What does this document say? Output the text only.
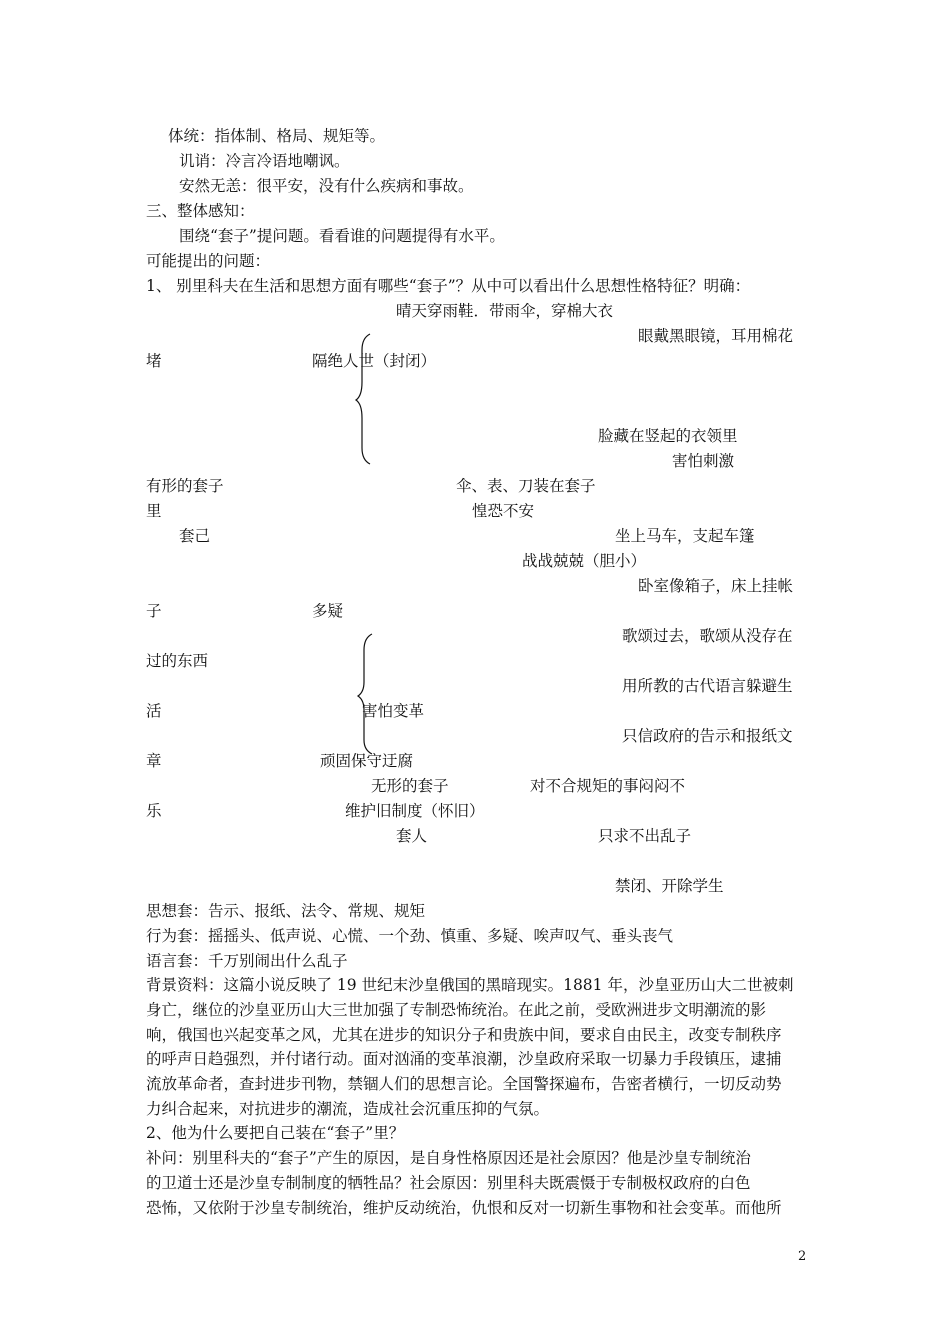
体统：指体制、格局、规矩等。
讥诮：冷言冷语地嘲讽。
安然无恙：很平安，没有什么疾病和事故。
三、整体感知：
围绕“套子”提问题。看看谁的问题提得有水平。
可能提出的问题：
1、 别里科夫在生活和思想方面有哪些“套子”？从中可以看出什么思想性格特征？明确：
晴天穿雨鞋．带雨伞，穿棉大衣
眼戴黑眼镜，耳用棉花
堵	隔绝人世（封闭）
脸藏在竖起的衣领里
害怕刺激
有形的套子	伞、表、刀装在套子
里	惶恐不安
套己	坐上马车，支起车篷
战战兢兢（胆小）
卧室像箱子，床上挂帐
子	多疑
歌颂过去，歌颂从没存在
过的东西
用所教的古代语言躲避生
活	害怕变革
只信政府的告示和报纸文
章	顽固保守迂腐
无形的套子	对不合规矩的事闷闷不
乐	维护旧制度（怀旧）
套人	只求不出乱子
禁闭、开除学生
思想套：告示、报纸、法令、常规、规矩
行为套：摇摇头、低声说、心慌、一个劲、慎重、多疑、唉声叹气、垂头丧气
语言套：千万别闹出什么乱子
背景资料：这篇小说反映了 19 世纪末沙皇俄国的黑暗现实。1881 年，沙皇亚历山大二世被刺
身亡，继位的沙皇亚历山大三世加强了专制恐怖统治。在此之前，受欧洲进步文明潮流的影
响，俄国也兴起变革之风，尤其在进步的知识分子和贵族中间，要求自由民主，改变专制秩序
的呼声日趋强烈，并付诸行动。面对汹涌的变革浪潮，沙皇政府采取一切暴力手段镇压，逮捕
流放革命者，查封进步刊物，禁锢人们的思想言论。全国警探遍布，告密者横行，一切反动势
力纠合起来，对抗进步的潮流，造成社会沉重压抑的气氛。
2、他为什么要把自己装在“套子”里？
补问：别里科夫的“套子”产生的原因，是自身性格原因还是社会原因？他是沙皇专制统治
的卫道士还是沙皇专制制度的牺牲品？社会原因：别里科夫既震慑于专制极权政府的白色
恐怖，又依附于沙皇专制统治，维护反动统治，仇恨和反对一切新生事物和社会变革。而他所
2
